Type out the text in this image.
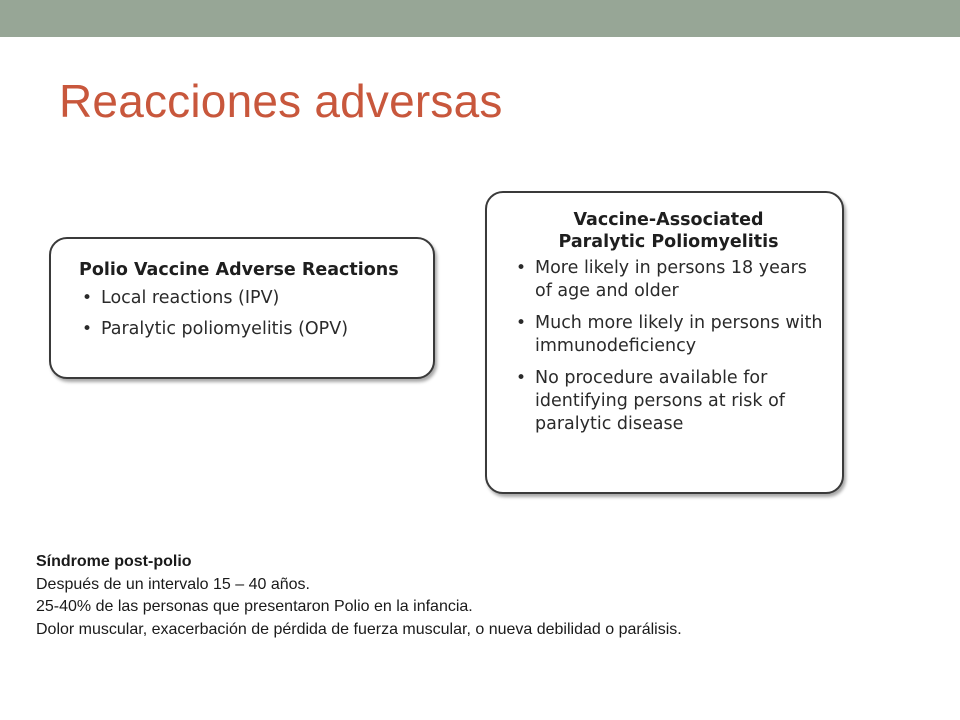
Reacciones adversas
Polio Vaccine Adverse Reactions
• Local reactions (IPV)
• Paralytic poliomyelitis (OPV)
Vaccine-Associated
Paralytic Poliomyelitis
• More likely in persons 18 years of age and older
• Much more likely in persons with immunodeficiency
• No procedure available for identifying persons at risk of paralytic disease
Síndrome post-polio
Después de un intervalo 15 – 40 años.
25-40% de las personas que presentaron Polio en la infancia.
Dolor muscular, exacerbación de pérdida de fuerza muscular, o nueva debilidad o parálisis.
